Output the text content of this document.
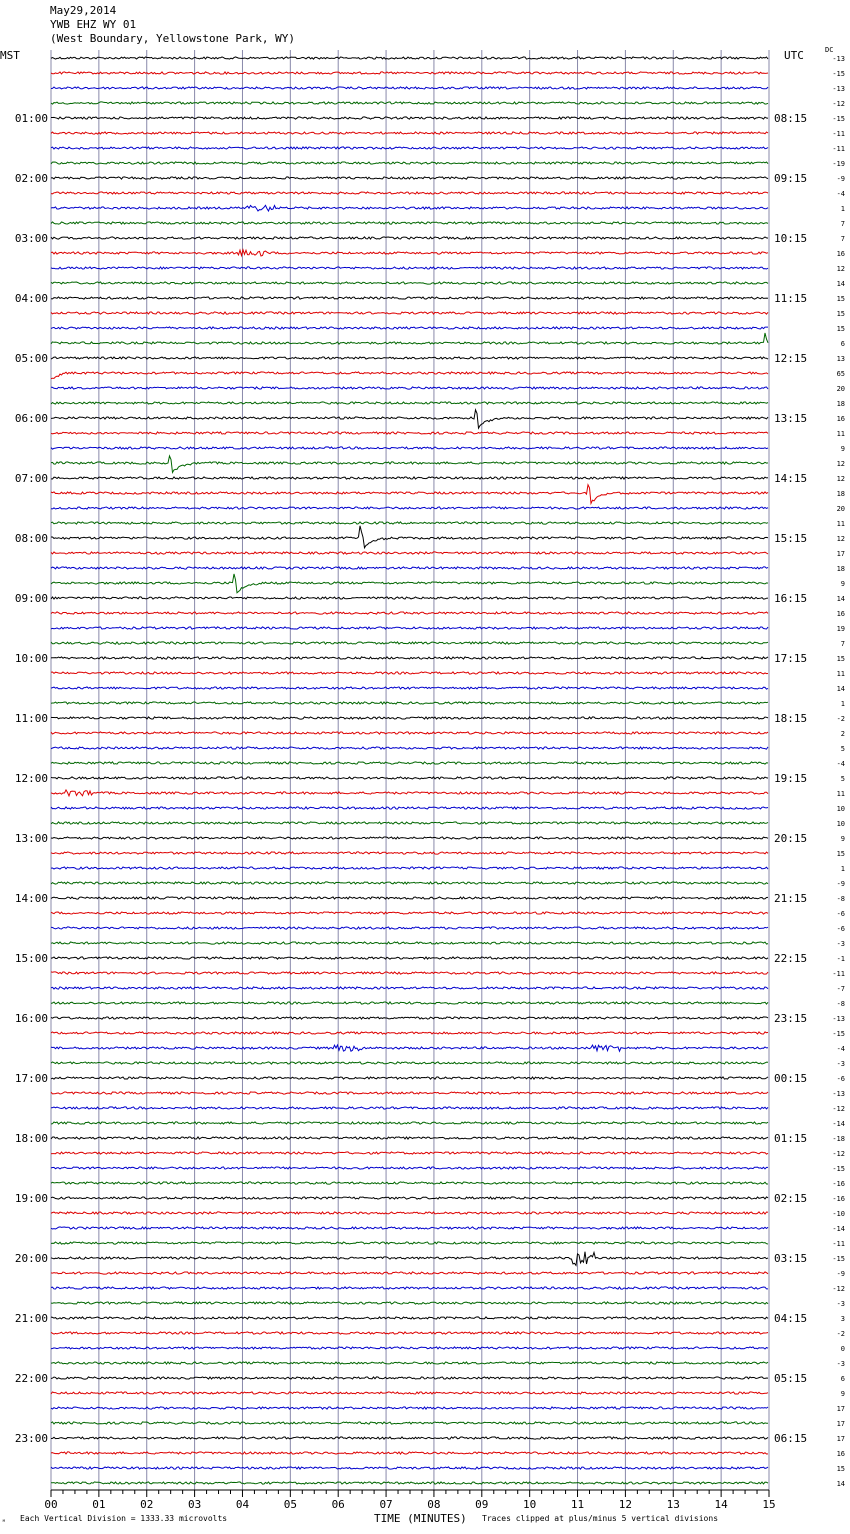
May29,2014
YWB EHZ WY 01
(West Boundary, Yellowstone Park, WY)
MST	UTC	DC
00	01	02	03	04	05	06	07	08	09	10	11	12	13	14	15
01:00
02:00
03:00
04:00
05:00
06:00
07:00
08:00
09:00
10:00
11:00
12:00
13:00
14:00
15:00
16:00
17:00
18:00
19:00
20:00
21:00
22:00
23:00
08:15
09:15
10:15
11:15
12:15
13:15
14:15
15:15
16:15
17:15
18:15
19:15
20:15
21:15
22:15
23:15
00:15
01:15
02:15
03:15
04:15
05:15
06:15
-13
-15
-13
-12
-15
-11
-11
-19
-9
-4
1
7
7
16
12
14
15
15
15
6
13
65
20
18
16
11
9
12
12
18
20
11
12
17
18
9
14
16
19
7
15
11
14
1
-2
2
5
-4
5
11
10
10
9
15
1
-9
-8
-6
-6
-3
-1
-11
-7
-8
-13
-15
-4
-3
-6
-13
-12
-14
-18
-12
-15
-16
-16
-10
-14
-11
-15
-9
-12
-3
3
-2
0
-3
6
9
17
17
17
16
15
14
ᴹ Each Vertical Division = 1333.33 microvolts	TIME (MINUTES) Traces clipped at plus/minus 5 vertical divisions
